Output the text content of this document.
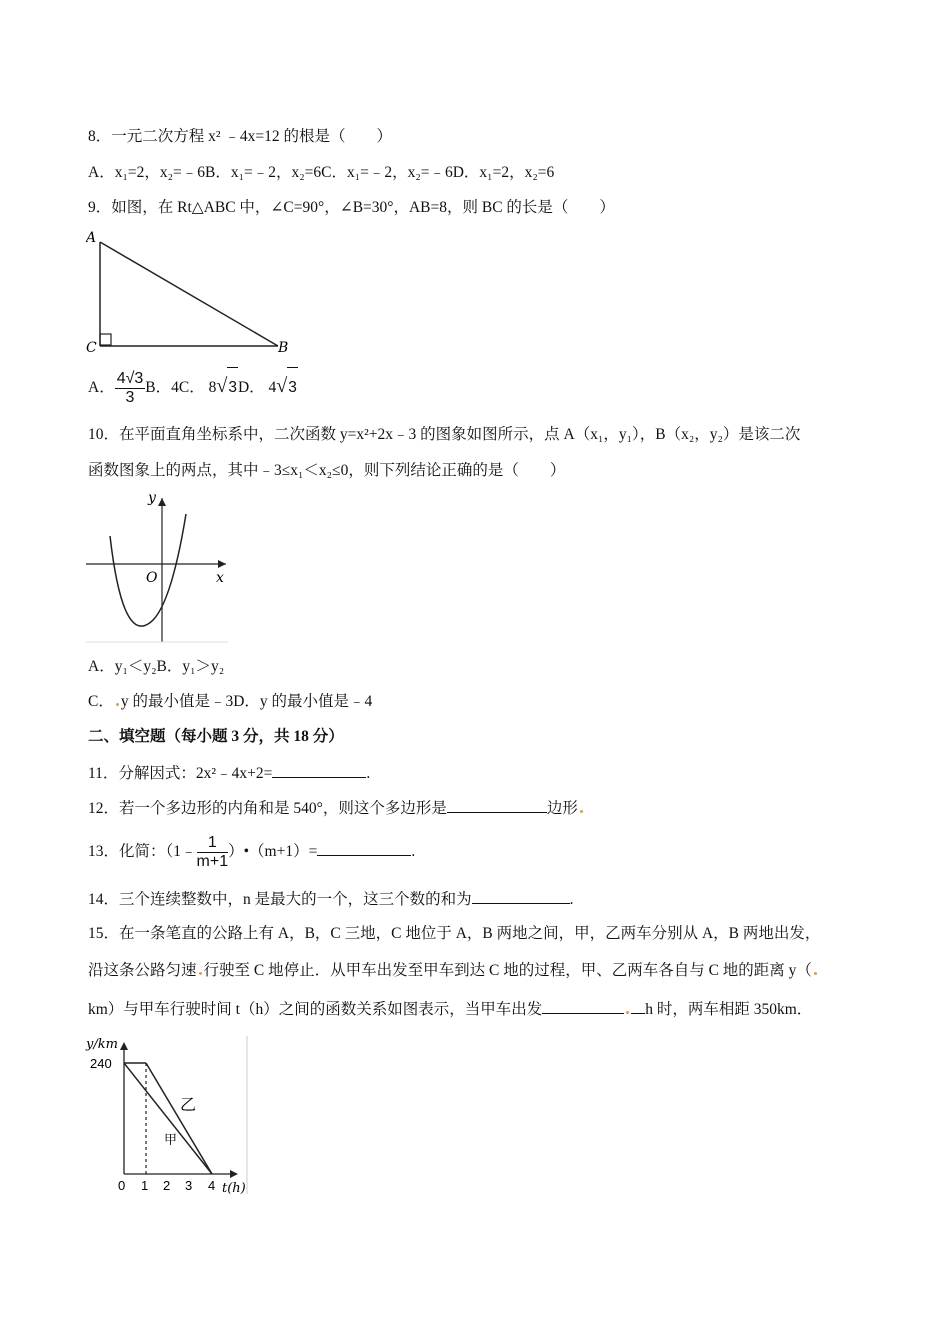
8．一元二次方程 x² ﹣4x=12 的根是（　　）
A．x₁=2，x₂=﹣6B．x₁=﹣2，x₂=6C．x₁=﹣2，x₂=﹣6D．x₁=2，x₂=6
9．如图，在 Rt△ABC 中，∠C=90°，∠B=30°，AB=8，则 BC 的长是（　　）
A
C	B
A． $\frac{4√3}{3}$ B．4C． 8√3D． 4√3
10．在平面直角坐标系中，二次函数 y=x²+2x﹣3 的图象如图所示，点 A（x₁，y₁），B（x₂，y₂）是该二次
函数图象上的两点，其中﹣3≤x₁＜x₂≤0，则下列结论正确的是（　　）
y
O	x
A．y₁＜y₂B．y₁＞y₂
C． y 的最小值是﹣3D．y 的最小值是﹣4
二、填空题（每小题 3 分，共 18 分）
11．分解因式：2x²﹣4x+2=	.
12．若一个多边形的内角和是 540°，则这个多边形是	边形
13．化简：（1﹣ $\frac{1}{m+1}$ ）•（m+1）=	.
14．三个连续整数中，n 是最大的一个，这三个数的和为	.
15．在一条笔直的公路上有 A，B，C 三地，C 地位于 A，B 两地之间，甲，乙两车分别从 A，B 两地出发，
沿这条公路匀速 行驶至 C 地停止．从甲车出发至甲车到达 C 地的过程，甲、乙两车各自与 C 地的距离 y（
km）与甲车行驶时间 t（h）之间的函数关系如图表示，当甲车出发	h 时，两车相距 350km．
y/km
240
乙
甲
0 1 2 3 4 t(h)
